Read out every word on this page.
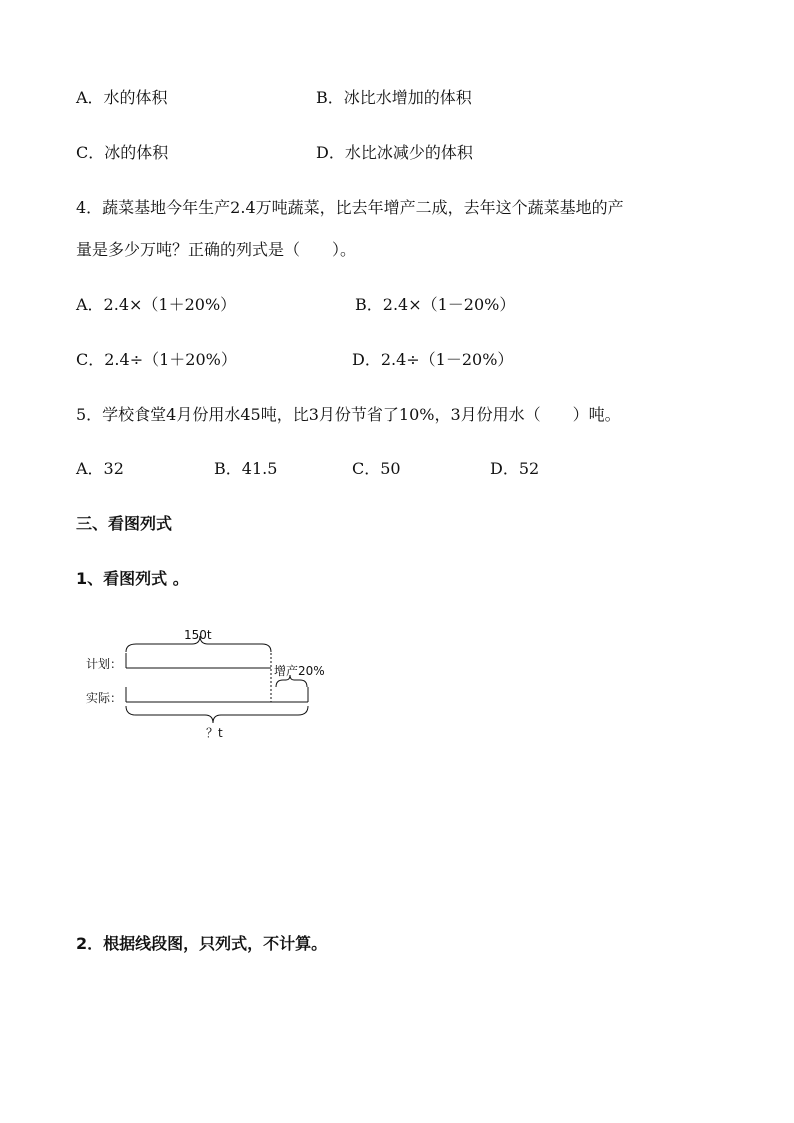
A．水的体积	B．冰比水增加的体积
C．冰的体积	D．水比冰减少的体积
4．蔬菜基地今年生产2.4万吨蔬菜，比去年增产二成，去年这个蔬菜基地的产
量是多少万吨？正确的列式是（　　）。
A．2.4×（1＋20%）	B．2.4×（1－20%）
C．2.4÷（1＋20%）	D．2.4÷（1－20%）
5．学校食堂4月份用水45吨，比3月份节省了10%，3月份用水（　　）吨。
A．32	B．41.5	C．50	D．52
三、看图列式
1、看图列式 。
150t
计划：	增产20%
实际：
？t
2．根据线段图，只列式，不计算。
